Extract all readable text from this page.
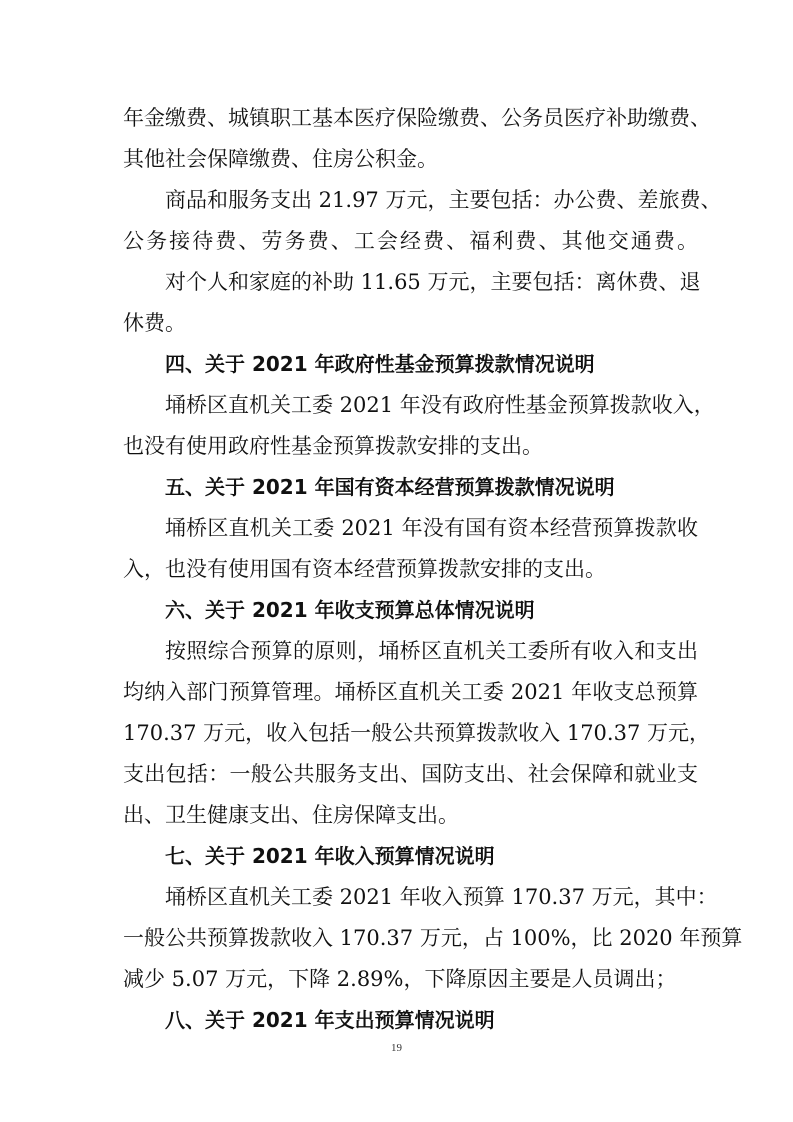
年金缴费、城镇职工基本医疗保险缴费、公务员医疗补助缴费、
其他社会保障缴费、住房公积金。
商品和服务支出 21.97 万元，主要包括：办公费、差旅费、
公务接待费、劳务费、工会经费、福利费、其他交通费。
对个人和家庭的补助 11.65 万元，主要包括：离休费、退
休费。
四、关于 2021 年政府性基金预算拨款情况说明
埇桥区直机关工委 2021 年没有政府性基金预算拨款收入，
也没有使用政府性基金预算拨款安排的支出。
五、关于 2021 年国有资本经营预算拨款情况说明
埇桥区直机关工委 2021 年没有国有资本经营预算拨款收
入，也没有使用国有资本经营预算拨款安排的支出。
六、关于 2021 年收支预算总体情况说明
按照综合预算的原则，埇桥区直机关工委所有收入和支出
均纳入部门预算管理。埇桥区直机关工委 2021 年收支总预算
170.37 万元，收入包括一般公共预算拨款收入 170.37 万元，
支出包括：一般公共服务支出、国防支出、社会保障和就业支
出、卫生健康支出、住房保障支出。
七、关于 2021 年收入预算情况说明
埇桥区直机关工委 2021 年收入预算 170.37 万元，其中：
一般公共预算拨款收入 170.37 万元，占 100%，比 2020 年预算
19
减少 5.07 万元，下降 2.89%，下降原因主要是人员调出；
八、关于 2021 年支出预算情况说明
